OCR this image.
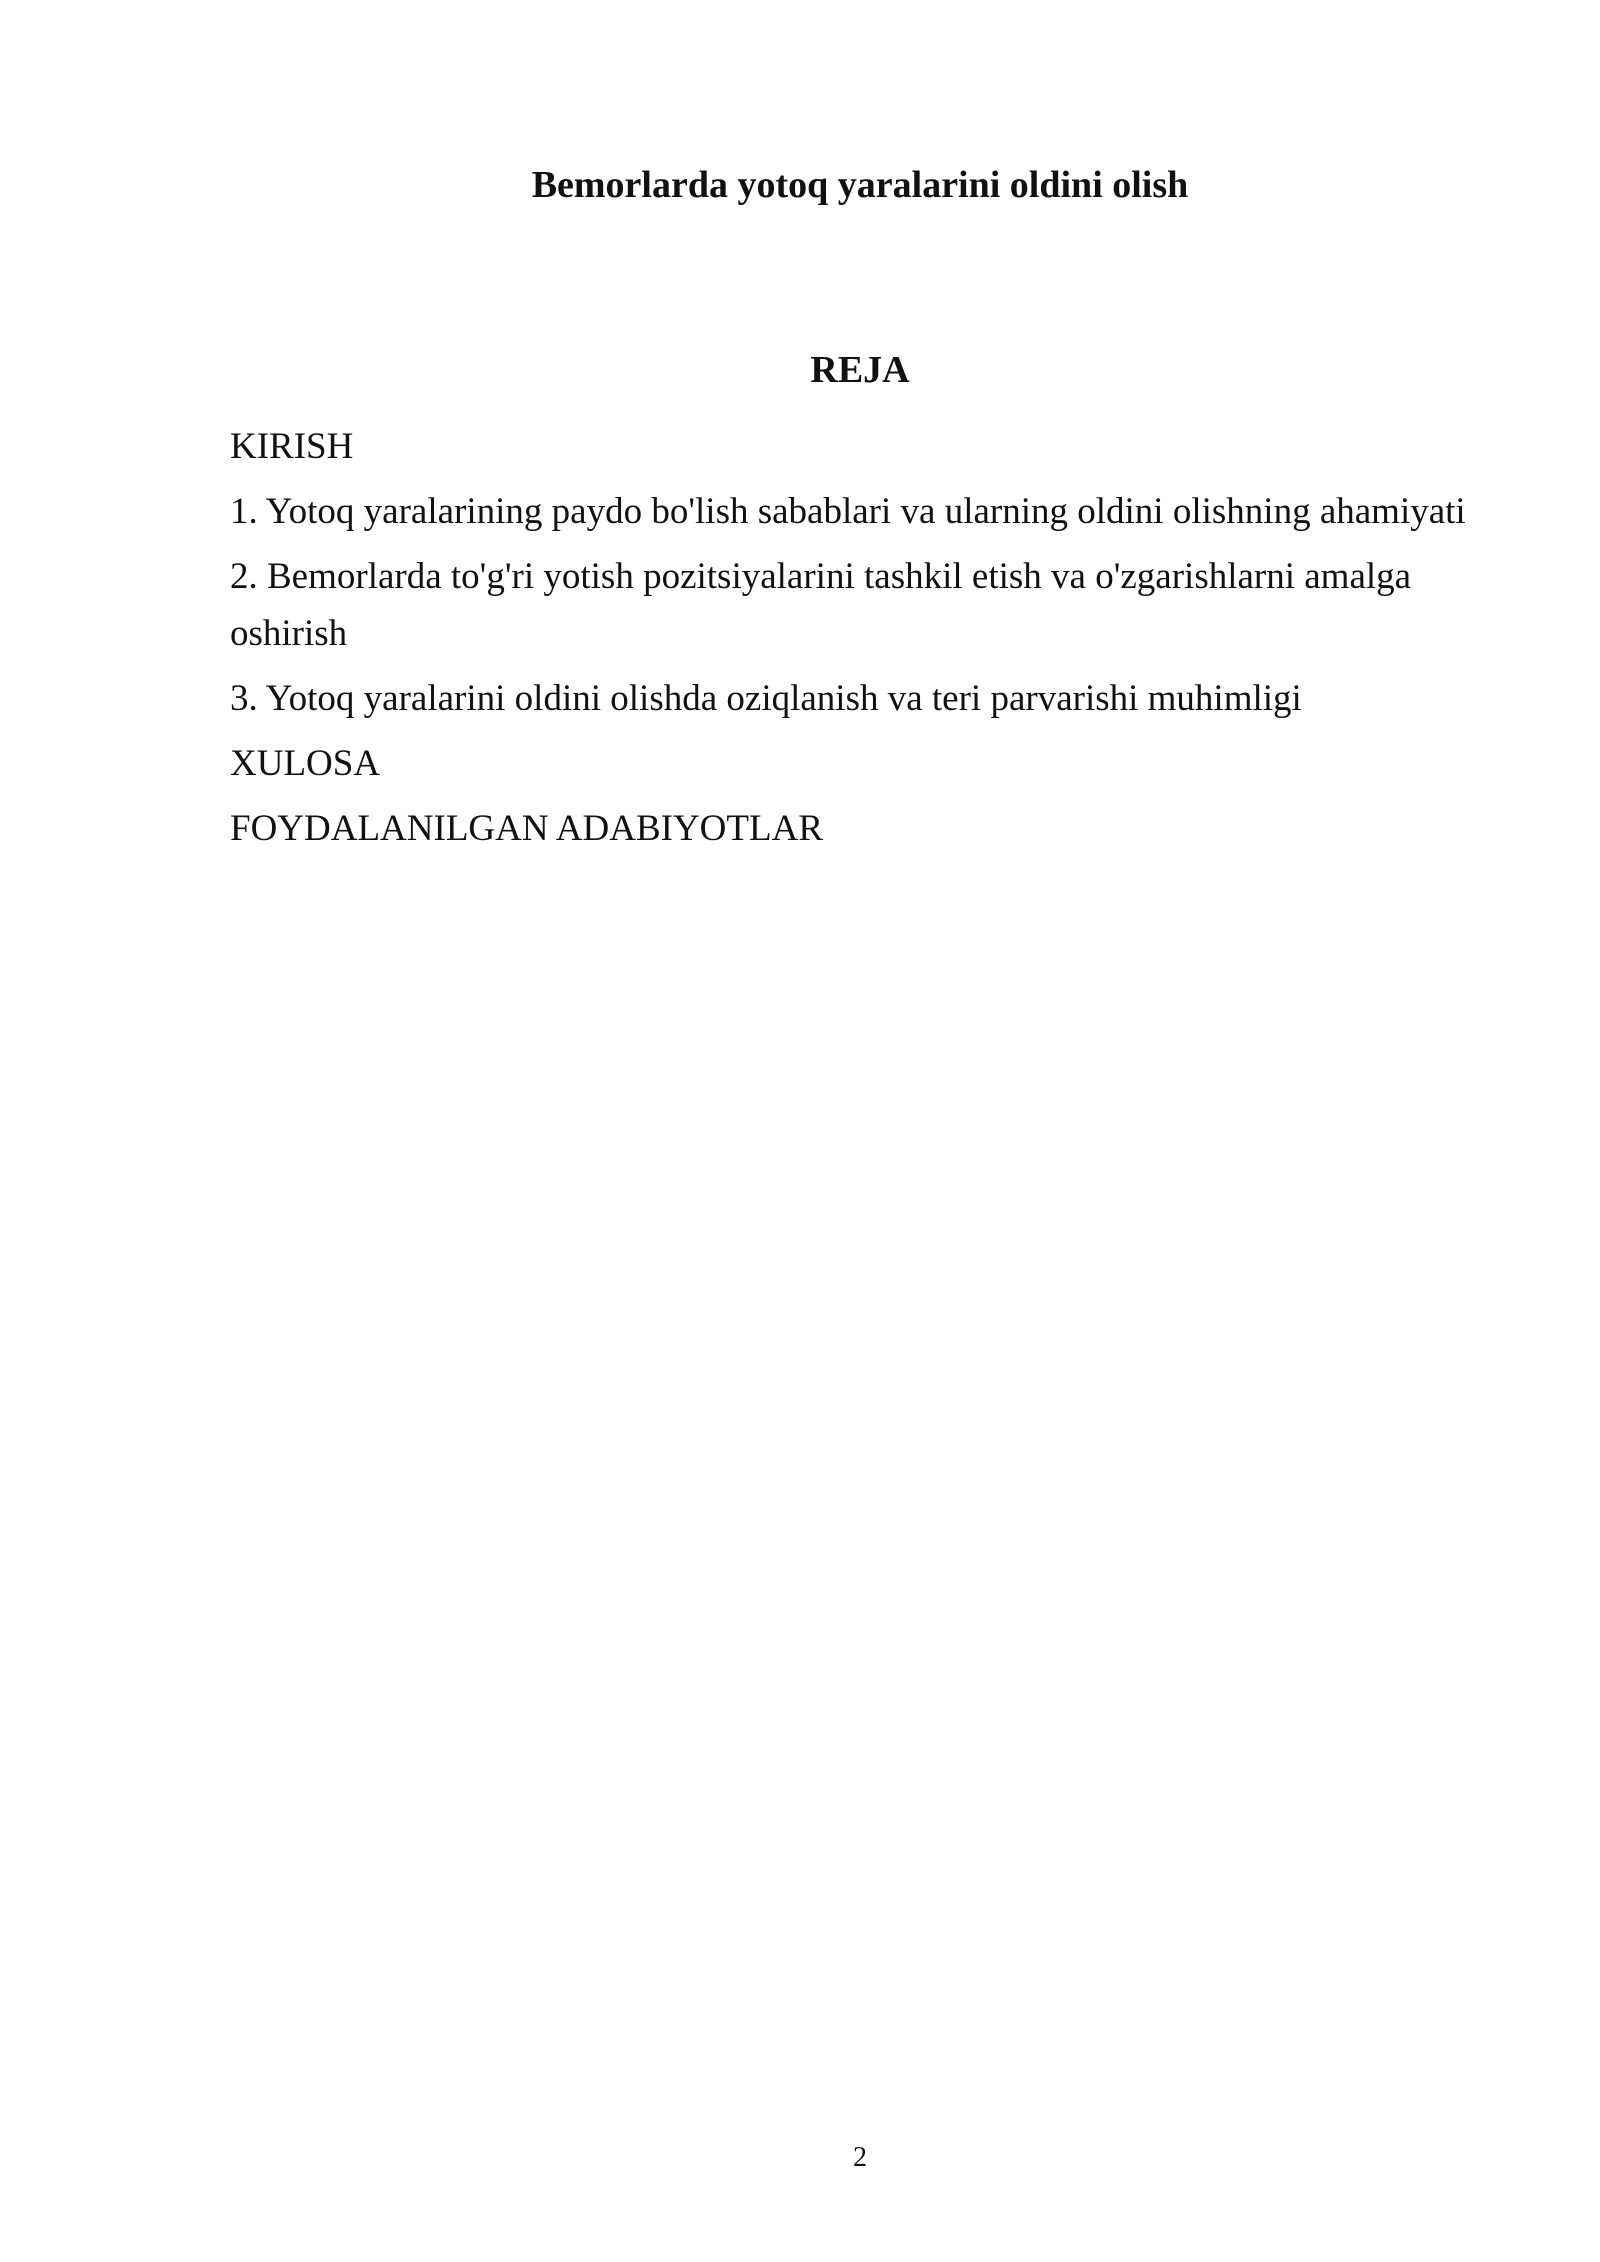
Bemorlarda yotoq yaralarini oldini olish
REJA
KIRISH
1. Yotoq yaralarining paydo bo'lish sabablari va ularning oldini olishning ahamiyati
2. Bemorlarda to'g'ri yotish pozitsiyalarini tashkil etish va o'zgarishlarni amalga oshirish
3. Yotoq yaralarini oldini olishda oziqlanish va teri parvarishi muhimligi
XULOSA
FOYDALANILGAN ADABIYOTLAR
2
